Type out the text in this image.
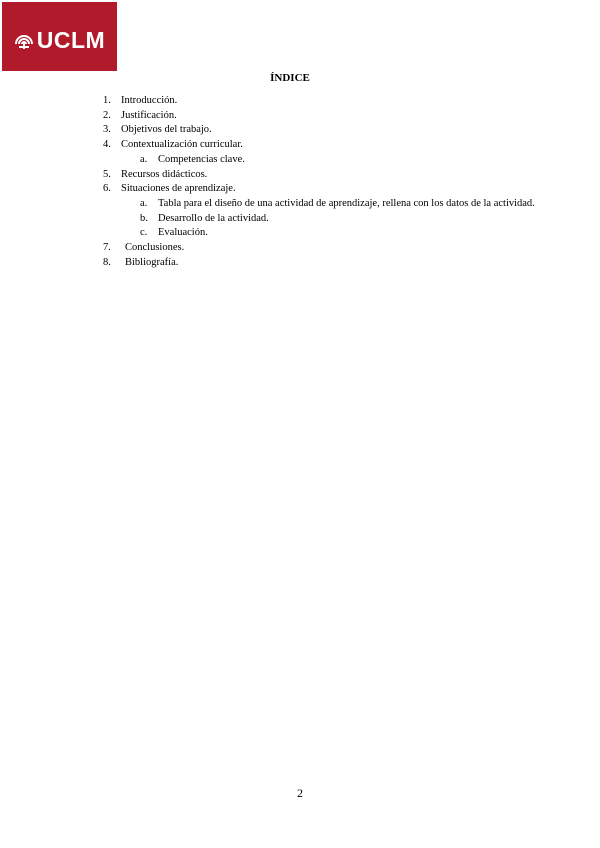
UCLM
ÍNDICE
1. Introducción.
2. Justificación.
3. Objetivos del trabajo.
4. Contextualización curricular.
a. Competencias clave.
5. Recursos didácticos.
6. Situaciones de aprendizaje.
a. Tabla para el diseño de una actividad de aprendizaje, rellena con los datos de la actividad.
b. Desarrollo de la actividad.
c. Evaluación.
7. Conclusiones.
8. Bibliografía.
2
